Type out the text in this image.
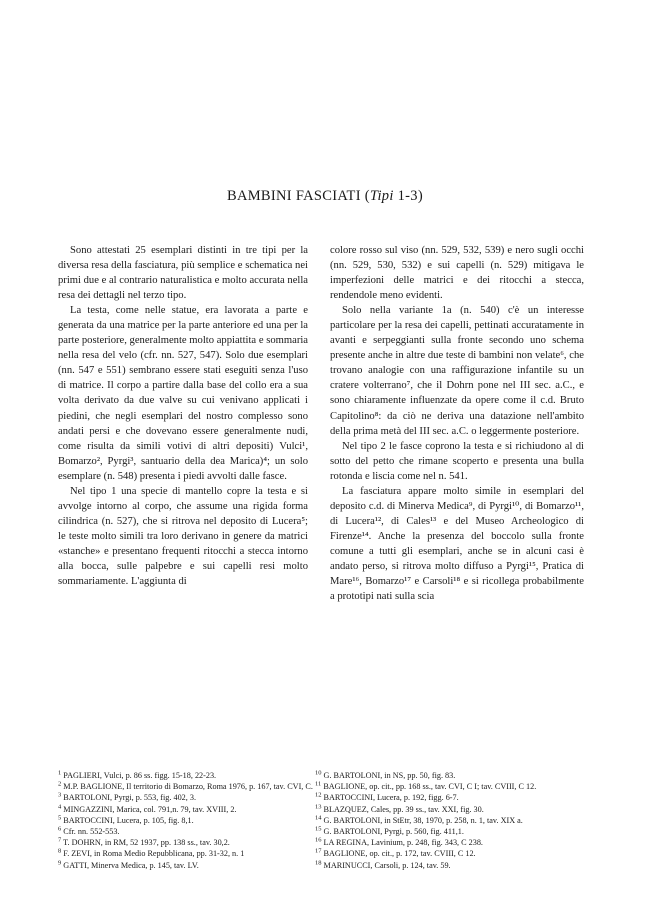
BAMBINI FASCIATI (Tipi 1-3)

Sono attestati 25 esemplari distinti in tre tipi per la diversa resa della fasciatura, più semplice e schematica nei primi due e al contrario naturalistica e molto accurata nella resa dei dettagli nel terzo tipo.

La testa, come nelle statue, era lavorata a parte e generata da una matrice per la parte anteriore ed una per la parte posteriore, generalmente molto appiattita e sommaria nella resa del velo (cfr. nn. 527, 547). Solo due esemplari (nn. 547 e 551) sembrano essere stati eseguiti senza l'uso di matrice. Il corpo a partire dalla base del collo era a sua volta derivato da due valve su cui venivano applicati i piedini, che negli esemplari del nostro complesso sono andati persi e che dovevano essere generalmente nudi, come risulta da simili votivi di altri depositi) Vulci¹, Bomarzo², Pyrgi³, santuario della dea Marica)⁴; un solo esemplare (n. 548) presenta i piedi avvolti dalle fasce.

Nel tipo 1 una specie di mantello copre la testa e si avvolge intorno al corpo, che assume una rigida forma cilindrica (n. 527), che si ritrova nel deposito di Lucera⁵; le teste molto simili tra loro derivano in genere da matrici «stanche» e presentano frequenti ritocchi a stecca intorno alla bocca, sulle palpebre e sui capelli resi molto sommariamente. L'aggiunta di

colore rosso sul viso (nn. 529, 532, 539) e nero sugli occhi (nn. 529, 530, 532) e sui capelli (n. 529) mitigava le imperfezioni delle matrici e dei ritocchi a stecca, rendendole meno evidenti.

Solo nella variante 1a (n. 540) c'è un interesse particolare per la resa dei capelli, pettinati accuratamente in avanti e serpeggianti sulla fronte secondo uno schema presente anche in altre due teste di bambini non velate⁶, che trovano analogie con una raffigurazione infantile su un cratere volterrano⁷, che il Dohrn pone nel III sec. a.C., e sono chiaramente influenzate da opere come il c.d. Bruto Capitolino⁸: da ciò ne deriva una datazione nell'ambito della prima metà del III sec. a.C. o leggermente posteriore.

Nel tipo 2 le fasce coprono la testa e si richiudono al di sotto del petto che rimane scoperto e presenta una bulla rotonda e liscia come nel n. 541.

La fasciatura appare molto simile in esemplari del deposito c.d. di Minerva Medica⁹, di Pyrgi¹⁰, di Bomarzo¹¹, di Lucera¹², di Cales¹³ e del Museo Archeologico di Firenze¹⁴. Anche la presenza del boccolo sulla fronte comune a tutti gli esemplari, anche se in alcuni casi è andato perso, si ritrova molto diffuso a Pyrgi¹⁵, Pratica di Mare¹⁶, Bomarzo¹⁷ e Carsoli¹⁸ e si ricollega probabilmente a prototipi nati sulla scia

$^1$ PAGLIERI, Vulci, p. 86 ss. figg. 15-18, 22-23.

$^2$ M.P. BAGLIONE, Il territorio di Bomarzo, Roma 1976, p. 167, tav. CVI, C.

$^3$ BARTOLONI, Pyrgi, p. 553, fig. 402, 3.

$^4$ MINGAZZINI, Marica, col. 791,n. 79, tav. XVIII, 2.

$^5$ BARTOCCINI, Lucera, p. 105, fig. 8,1.

$^6$ Cfr. nn. 552-553.

$^7$ T. DOHRN, in RM, 52 1937, pp. 138 ss., tav. 30,2.

$^8$ F. ZEVI, in Roma Medio Repubblicana, pp. 31-32, n. 1

$^9$ GATTI, Minerva Medica, p. 145, tav. LV.

$^{10}$ G. BARTOLONI, in NS, pp. 50, fig. 83.

$^{11}$ BAGLIONE, op. cit., pp. 168 ss., tav. CVI, C I; tav. CVIII, C 12.

$^{12}$ BARTOCCINI, Lucera, p. 192, figg. 6-7.

$^{13}$ BLAZQUEZ, Cales, pp. 39 ss., tav. XXI, fig. 30.

$^{14}$ G. BARTOLONI, in StEtr, 38, 1970, p. 258, n. 1, tav. XIX a.

$^{15}$ G. BARTOLONI, Pyrgi, p. 560, fig. 411,1.

$^{16}$ LA REGINA, Lavinium, p. 248, fig. 343, C 238.

$^{17}$ BAGLIONE, op. cit., p. 172, tav. CVIII, C 12.

$^{18}$ MARINUCCI, Carsoli, p. 124, tav. 59.
